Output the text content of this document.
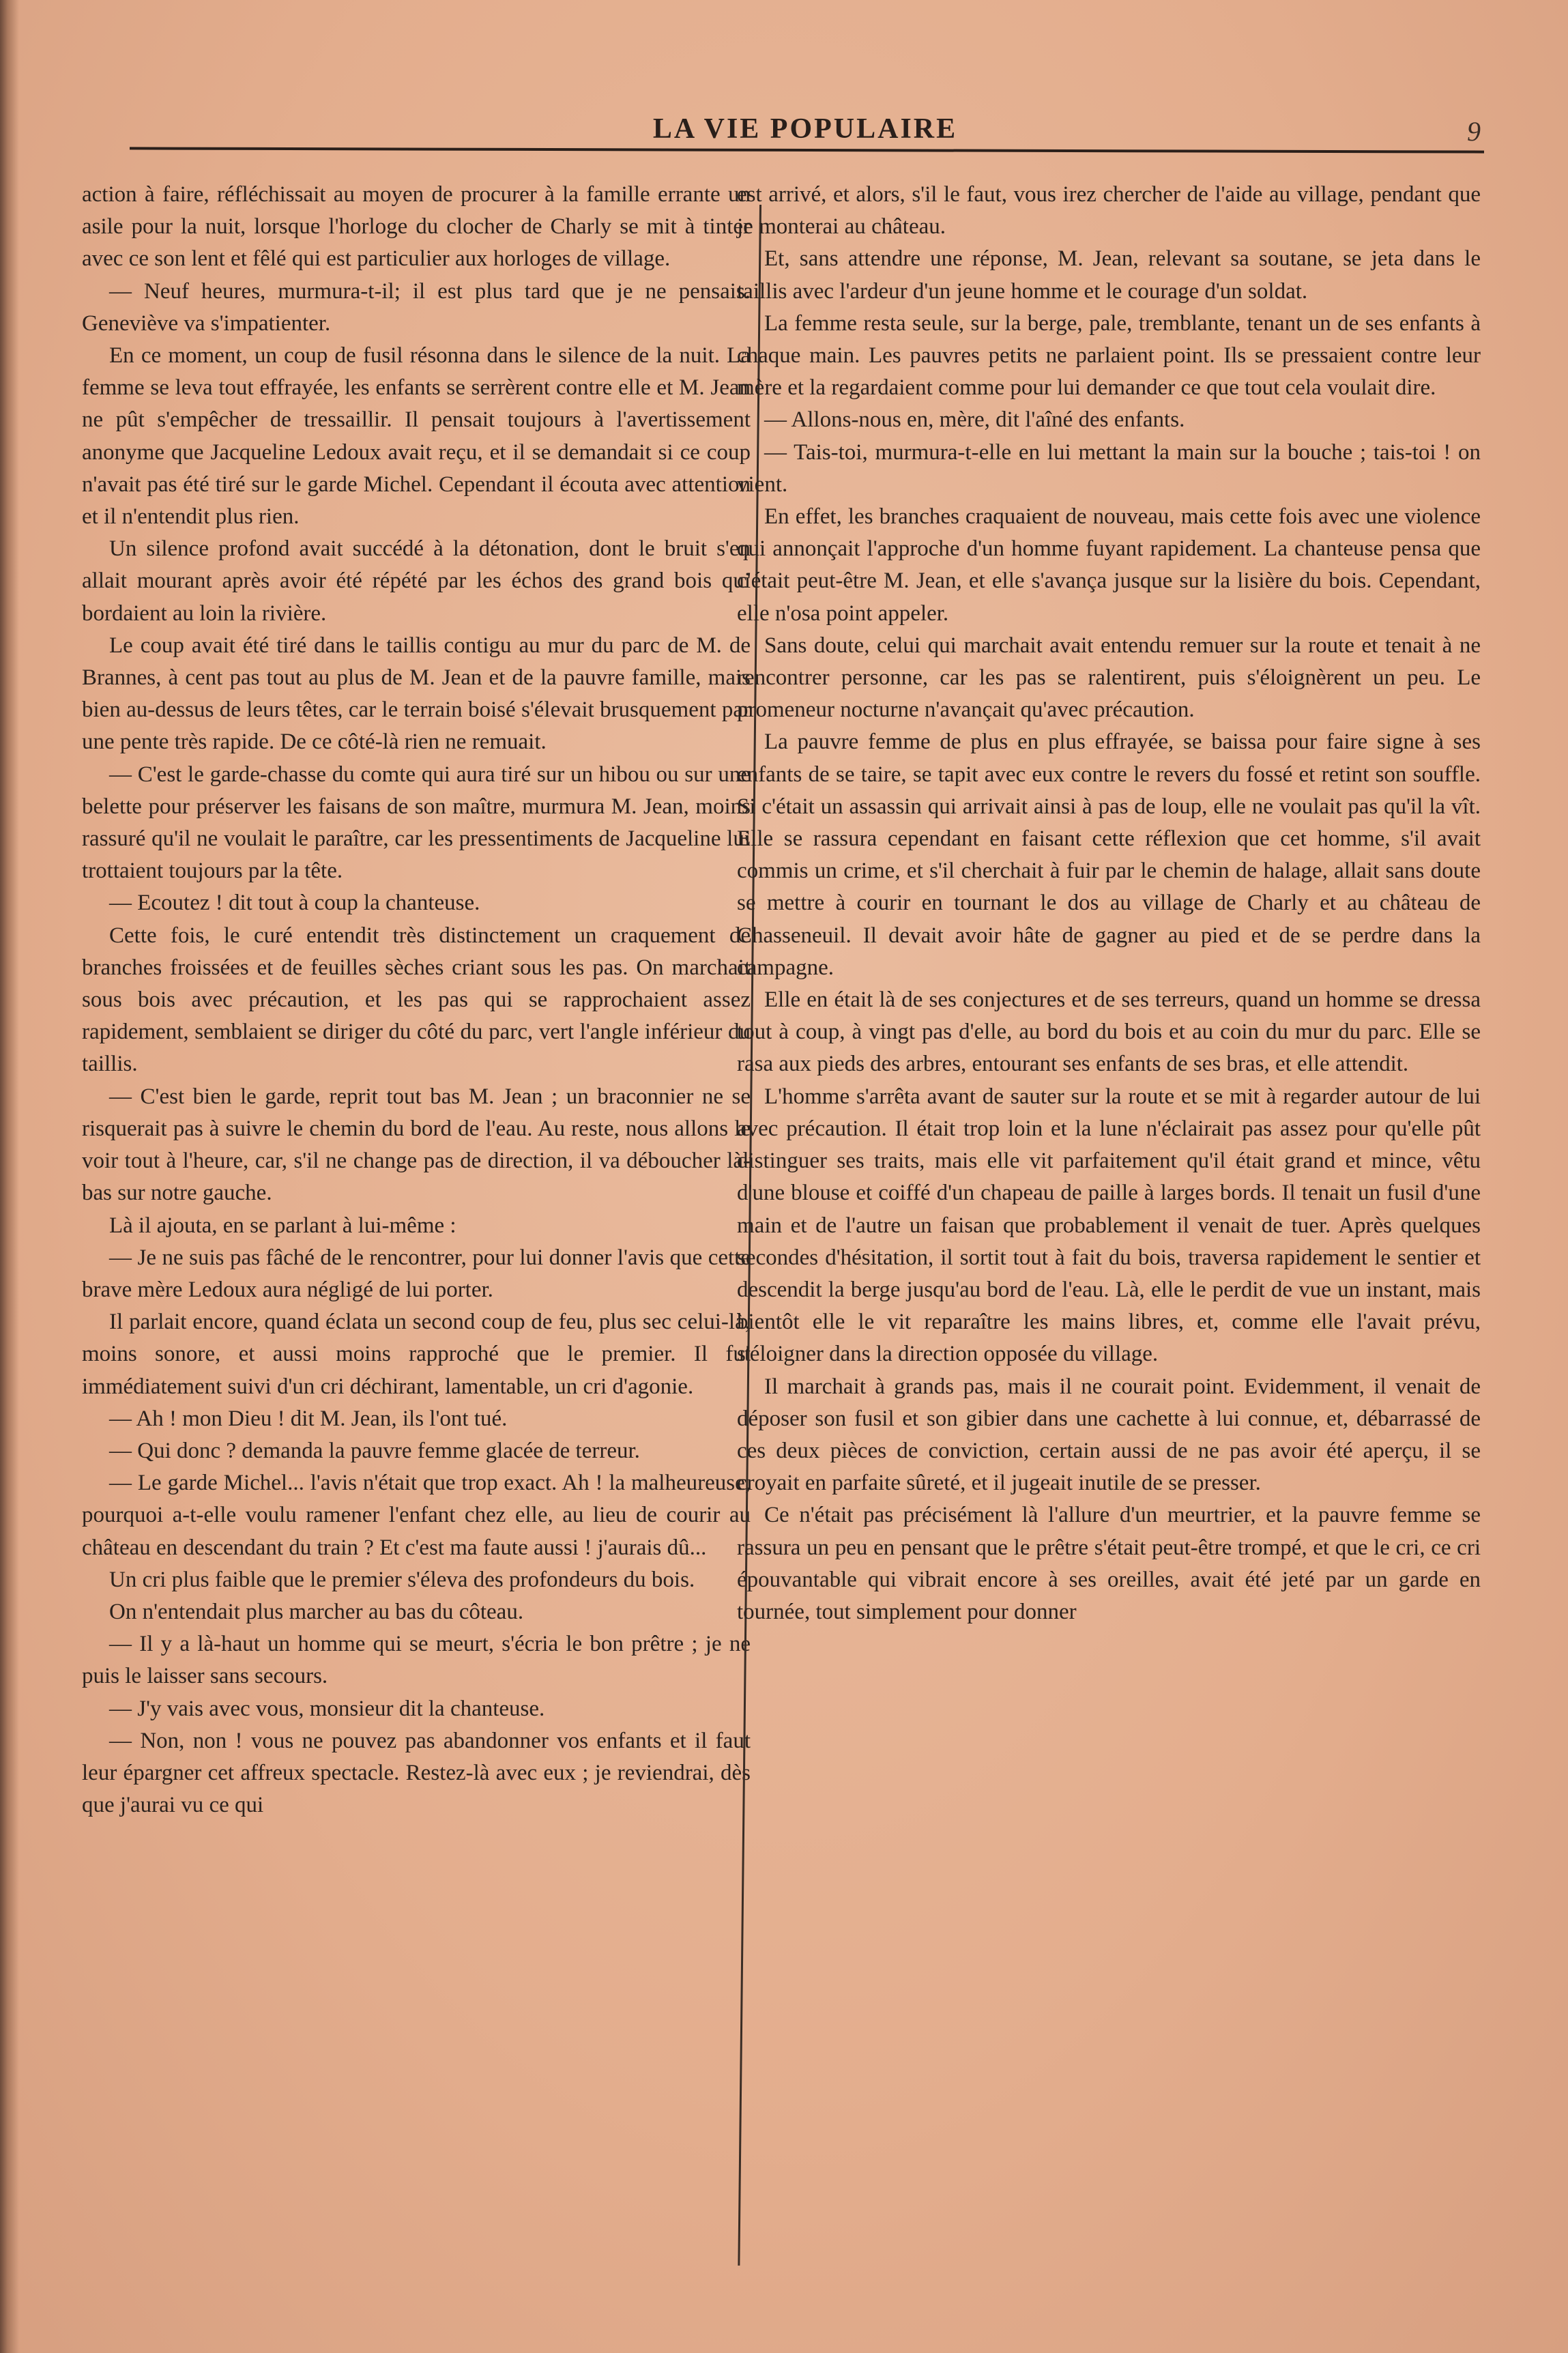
LA VIE POPULAIRE	9

action à faire, réfléchissait au moyen de procurer à la famille errante un asile pour la nuit, lorsque l'horloge du clocher de Charly se mit à tinter avec ce son lent et fêlé qui est particulier aux horloges de village.

— Neuf heures, murmura-t-il; il est plus tard que je ne pensais. Geneviève va s'impatienter.

En ce moment, un coup de fusil résonna dans le silence de la nuit. La femme se leva tout effrayée, les enfants se serrèrent contre elle et M. Jean ne pût s'empêcher de tressaillir. Il pensait toujours à l'avertissement anonyme que Jacqueline Ledoux avait reçu, et il se demandait si ce coup n'avait pas été tiré sur le garde Michel. Cependant il écouta avec attention et il n'entendit plus rien.

Un silence profond avait succédé à la détonation, dont le bruit s'en allait mourant après avoir été répété par les échos des grand bois qui bordaient au loin la rivière.

Le coup avait été tiré dans le taillis contigu au mur du parc de M. de Brannes, à cent pas tout au plus de M. Jean et de la pauvre famille, mais bien au-dessus de leurs têtes, car le terrain boisé s'élevait brusquement par une pente très rapide. De ce côté-là rien ne remuait.

— C'est le garde-chasse du comte qui aura tiré sur un hibou ou sur une belette pour préserver les faisans de son maître, murmura M. Jean, moins rassuré qu'il ne voulait le paraître, car les pressentiments de Jacqueline lui trottaient toujours par la tête.

— Ecoutez ! dit tout à coup la chanteuse.

Cette fois, le curé entendit très distinctement un craquement de branches froissées et de feuilles sèches criant sous les pas. On marchait sous bois avec précaution, et les pas qui se rapprochaient assez rapidement, semblaient se diriger du côté du parc, vert l'angle inférieur du taillis.

— C'est bien le garde, reprit tout bas M. Jean ; un braconnier ne se risquerait pas à suivre le chemin du bord de l'eau. Au reste, nous allons le voir tout à l'heure, car, s'il ne change pas de direction, il va déboucher là-bas sur notre gauche.

Là il ajouta, en se parlant à lui-même :

— Je ne suis pas fâché de le rencontrer, pour lui donner l'avis que cette brave mère Ledoux aura négligé de lui porter.

Il parlait encore, quand éclata un second coup de feu, plus sec celui-là, moins sonore, et aussi moins rapproché que le premier. Il fut immédiatement suivi d'un cri déchirant, lamentable, un cri d'agonie.

— Ah ! mon Dieu ! dit M. Jean, ils l'ont tué.

— Qui donc ? demanda la pauvre femme glacée de terreur.

— Le garde Michel... l'avis n'était que trop exact. Ah ! la malheureuse, pourquoi a-t-elle voulu ramener l'enfant chez elle, au lieu de courir au château en descendant du train ? Et c'est ma faute aussi ! j'aurais dû...

Un cri plus faible que le premier s'éleva des profondeurs du bois.

On n'entendait plus marcher au bas du côteau.

— Il y a là-haut un homme qui se meurt, s'écria le bon prêtre ; je ne puis le laisser sans secours.

— J'y vais avec vous, monsieur dit la chanteuse.

— Non, non ! vous ne pouvez pas abandonner vos enfants et il faut leur épargner cet affreux spectacle. Restez-là avec eux ; je reviendrai, dès que j'aurai vu ce qui

est arrivé, et alors, s'il le faut, vous irez chercher de l'aide au village, pendant que je monterai au château.

Et, sans attendre une réponse, M. Jean, relevant sa soutane, se jeta dans le taillis avec l'ardeur d'un jeune homme et le courage d'un soldat.

La femme resta seule, sur la berge, pale, tremblante, tenant un de ses enfants à chaque main. Les pauvres petits ne parlaient point. Ils se pressaient contre leur mère et la regardaient comme pour lui demander ce que tout cela voulait dire.

— Allons-nous en, mère, dit l'aîné des enfants.

— Tais-toi, murmura-t-elle en lui mettant la main sur la bouche ; tais-toi ! on vient.

En effet, les branches craquaient de nouveau, mais cette fois avec une violence qui annonçait l'approche d'un homme fuyant rapidement. La chanteuse pensa que c'était peut-être M. Jean, et elle s'avança jusque sur la lisière du bois. Cependant, elle n'osa point appeler.

Sans doute, celui qui marchait avait entendu remuer sur la route et tenait à ne rencontrer personne, car les pas se ralentirent, puis s'éloignèrent un peu. Le promeneur nocturne n'avançait qu'avec précaution.

La pauvre femme de plus en plus effrayée, se baissa pour faire signe à ses enfants de se taire, se tapit avec eux contre le revers du fossé et retint son souffle. Si c'était un assassin qui arrivait ainsi à pas de loup, elle ne voulait pas qu'il la vît. Elle se rassura cependant en faisant cette réflexion que cet homme, s'il avait commis un crime, et s'il cherchait à fuir par le chemin de halage, allait sans doute se mettre à courir en tournant le dos au village de Charly et au château de Chasseneuil. Il devait avoir hâte de gagner au pied et de se perdre dans la campagne.

Elle en était là de ses conjectures et de ses terreurs, quand un homme se dressa tout à coup, à vingt pas d'elle, au bord du bois et au coin du mur du parc. Elle se rasa aux pieds des arbres, entourant ses enfants de ses bras, et elle attendit.

L'homme s'arrêta avant de sauter sur la route et se mit à regarder autour de lui avec précaution. Il était trop loin et la lune n'éclairait pas assez pour qu'elle pût distinguer ses traits, mais elle vit parfaitement qu'il était grand et mince, vêtu d'une blouse et coiffé d'un chapeau de paille à larges bords. Il tenait un fusil d'une main et de l'autre un faisan que probablement il venait de tuer. Après quelques secondes d'hésitation, il sortit tout à fait du bois, traversa rapidement le sentier et descendit la berge jusqu'au bord de l'eau. Là, elle le perdit de vue un instant, mais bientôt elle le vit reparaître les mains libres, et, comme elle l'avait prévu, s'éloigner dans la direction opposée du village.

Il marchait à grands pas, mais il ne courait point. Evidemment, il venait de déposer son fusil et son gibier dans une cachette à lui connue, et, débarrassé de ces deux pièces de conviction, certain aussi de ne pas avoir été aperçu, il se croyait en parfaite sûreté, et il jugeait inutile de se presser.

Ce n'était pas précisément là l'allure d'un meurtrier, et la pauvre femme se rassura un peu en pensant que le prêtre s'était peut-être trompé, et que le cri, ce cri épouvantable qui vibrait encore à ses oreilles, avait été jeté par un garde en tournée, tout simplement pour donner
